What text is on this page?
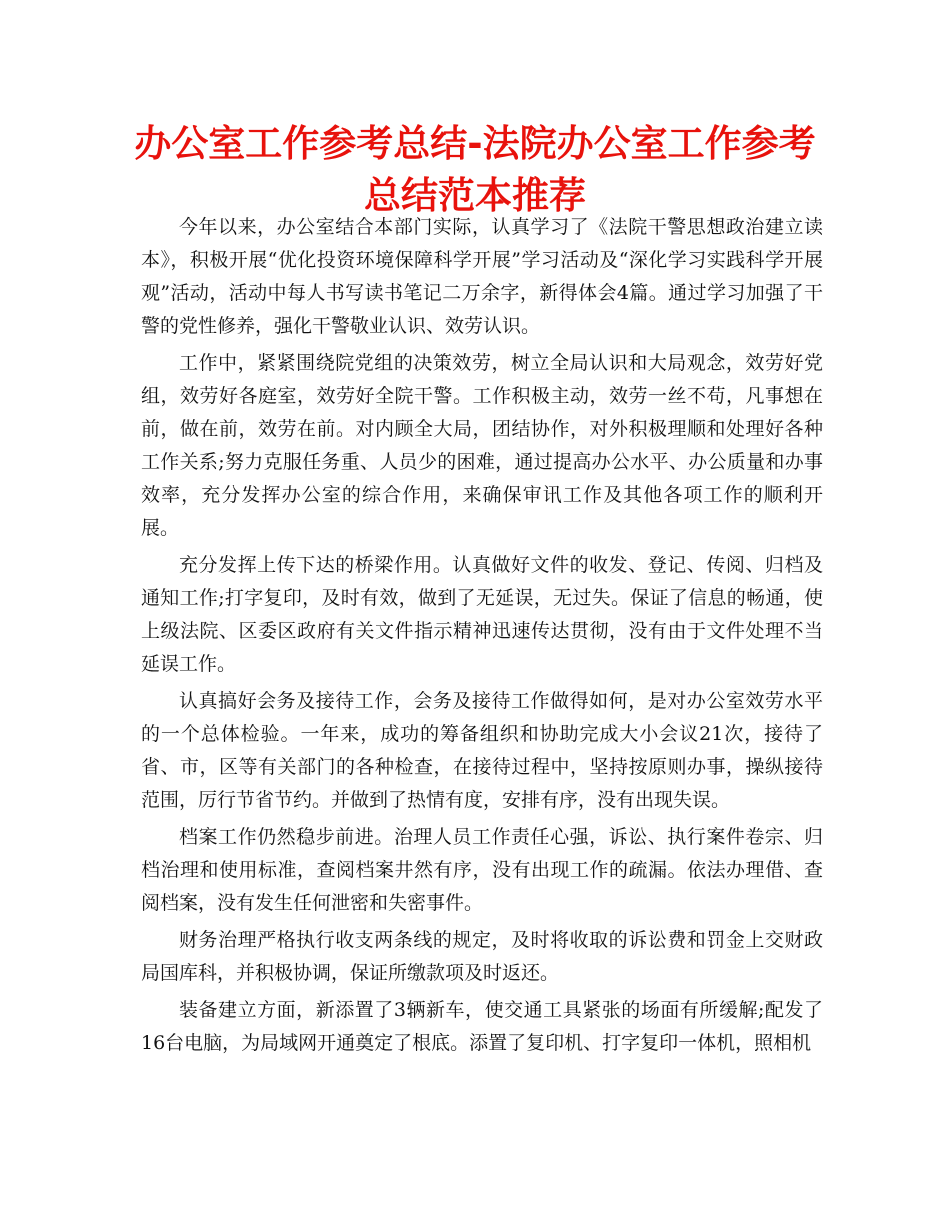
办公室工作参考总结-法院办公室工作参考总结范本推荐

今年以来，办公室结合本部门实际，认真学习了《法院干警思想政治建立读本》，积极开展“优化投资环境保障科学开展”学习活动及“深化学习实践科学开展观”活动，活动中每人书写读书笔记二万余字，新得体会4篇。通过学习加强了干警的党性修养，强化干警敬业认识、效劳认识。

工作中，紧紧围绕院党组的决策效劳，树立全局认识和大局观念，效劳好党组，效劳好各庭室，效劳好全院干警。工作积极主动，效劳一丝不苟，凡事想在前，做在前，效劳在前。对内顾全大局，团结协作，对外积极理顺和处理好各种工作关系;努力克服任务重、人员少的困难，通过提高办公水平、办公质量和办事效率，充分发挥办公室的综合作用，来确保审讯工作及其他各项工作的顺利开展。

充分发挥上传下达的桥梁作用。认真做好文件的收发、登记、传阅、归档及通知工作;打字复印，及时有效，做到了无延误，无过失。保证了信息的畅通，使上级法院、区委区政府有关文件指示精神迅速传达贯彻，没有由于文件处理不当延误工作。

认真搞好会务及接待工作，会务及接待工作做得如何，是对办公室效劳水平的一个总体检验。一年来，成功的筹备组织和协助完成大小会议21次，接待了省、市，区等有关部门的各种检查，在接待过程中，坚持按原则办事，操纵接待范围，厉行节省节约。并做到了热情有度，安排有序，没有出现失误。

档案工作仍然稳步前进。治理人员工作责任心强，诉讼、执行案件卷宗、归档治理和使用标准，查阅档案井然有序，没有出现工作的疏漏。依法办理借、查阅档案，没有发生任何泄密和失密事件。

财务治理严格执行收支两条线的规定，及时将收取的诉讼费和罚金上交财政局国库科，并积极协调，保证所缴款项及时返还。

装备建立方面，新添置了3辆新车，使交通工具紧张的场面有所缓解;配发了16台电脑，为局域网开通奠定了根底。添置了复印机、打字复印一体机，照相机
